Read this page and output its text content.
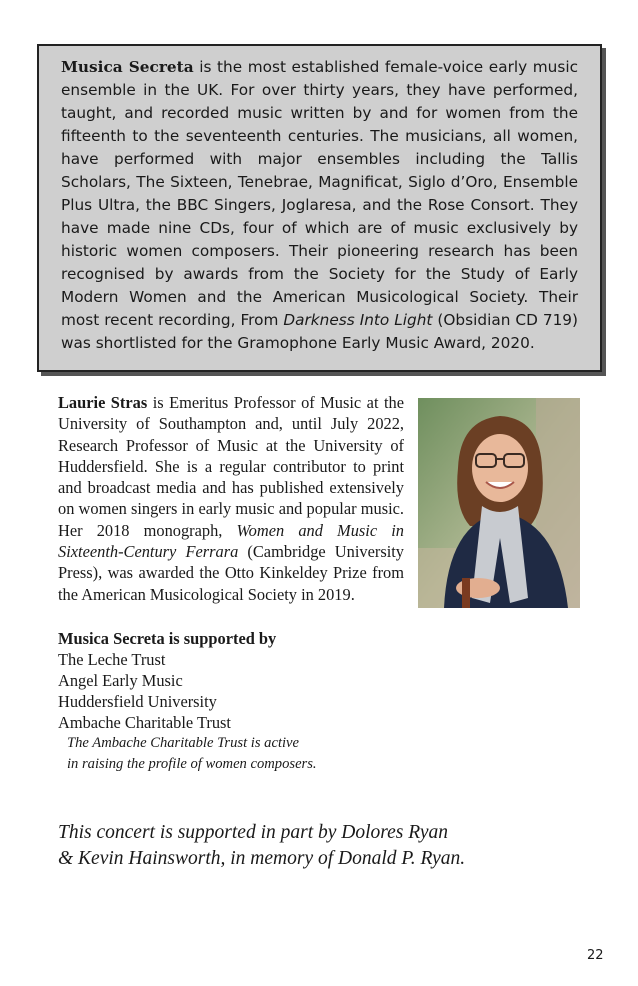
Musica Secreta is the most established female-voice early music ensemble in the UK. For over thirty years, they have performed, taught, and recorded music written by and for women from the fifteenth to the seventeenth centuries. The musicians, all women, have performed with major ensembles including the Tallis Scholars, The Sixteen, Tenebrae, Magnificat, Siglo d’Oro, Ensemble Plus Ultra, the BBC Singers, Joglaresa, and the Rose Consort. They have made nine CDs, four of which are of music exclusively by historic women composers. Their pioneering research has been recognised by awards from the Society for the Study of Early Modern Women and the American Musicological Society. Their most recent recording, From Darkness Into Light (Obsidian CD 719) was shortlisted for the Gramophone Early Music Award, 2020.

Laurie Stras is Emeritus Professor of Music at the University of Southampton and, until July 2022, Research Professor of Music at the University of Huddersfield. She is a regular contributor to print and broadcast media and has published extensively on women singers in early music and popular music. Her 2018 monograph, Women and Music in Sixteenth-Century Ferrara (Cambridge University Press), was awarded the Otto Kinkeldey Prize from the American Musicological Society in 2019.

Musica Secreta is supported by
The Leche Trust
Angel Early Music
Huddersfield University
Ambache Charitable Trust
The Ambache Charitable Trust is active
in raising the profile of women composers.
This concert is supported in part by Dolores Ryan
& Kevin Hainsworth, in memory of Donald P. Ryan.
22
